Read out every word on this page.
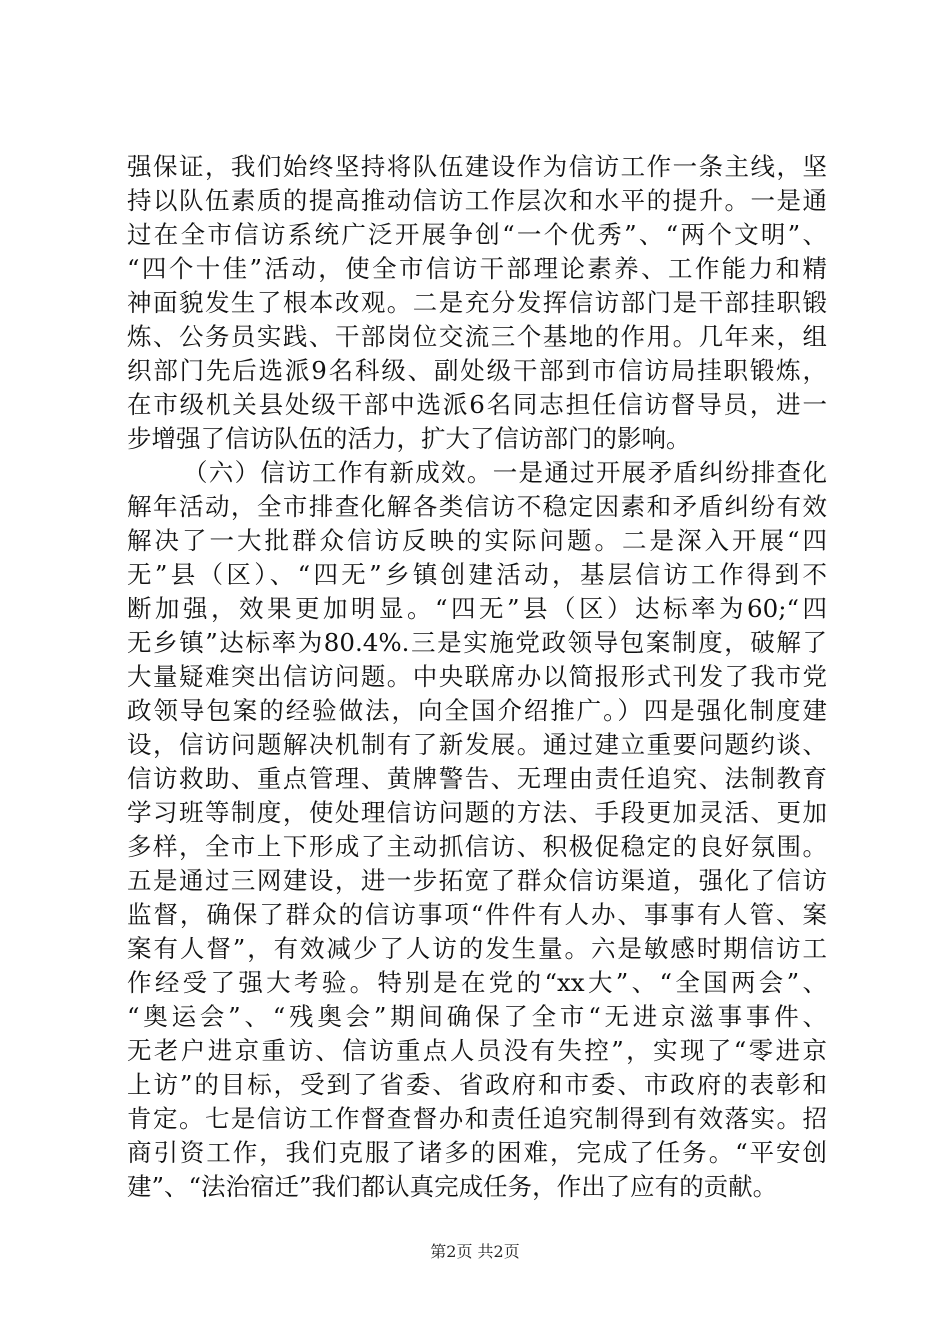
强保证，我们始终坚持将队伍建设作为信访工作一条主线，坚
持以队伍素质的提高推动信访工作层次和水平的提升。一是通
过在全市信访系统广泛开展争创“一个优秀”、“两个文明”、
“四个十佳”活动，使全市信访干部理论素养、工作能力和精
神面貌发生了根本改观。二是充分发挥信访部门是干部挂职锻
炼、公务员实践、干部岗位交流三个基地的作用。几年来，组
织部门先后选派9名科级、副处级干部到市信访局挂职锻炼，
在市级机关县处级干部中选派6名同志担任信访督导员，进一
步增强了信访队伍的活力，扩大了信访部门的影响。
（六）信访工作有新成效。一是通过开展矛盾纠纷排查化
解年活动，全市排查化解各类信访不稳定因素和矛盾纠纷有效
解决了一大批群众信访反映的实际问题。二是深入开展“四
无”县（区）、“四无”乡镇创建活动，基层信访工作得到不
断加强，效果更加明显。“四无”县（区）达标率为60;“四
无乡镇”达标率为80.4%.三是实施党政领导包案制度，破解了
大量疑难突出信访问题。中央联席办以简报形式刊发了我市党
政领导包案的经验做法，向全国介绍推广。）四是强化制度建
设，信访问题解决机制有了新发展。通过建立重要问题约谈、
信访救助、重点管理、黄牌警告、无理由责任追究、法制教育
学习班等制度，使处理信访问题的方法、手段更加灵活、更加
多样，全市上下形成了主动抓信访、积极促稳定的良好氛围。
五是通过三网建设，进一步拓宽了群众信访渠道，强化了信访
监督，确保了群众的信访事项“件件有人办、事事有人管、案
案有人督”，有效减少了人访的发生量。六是敏感时期信访工
作经受了强大考验。特别是在党的“xx大”、“全国两会”、
“奥运会”、“残奥会”期间确保了全市“无进京滋事事件、
无老户进京重访、信访重点人员没有失控”，实现了“零进京
上访”的目标，受到了省委、省政府和市委、市政府的表彰和
肯定。七是信访工作督查督办和责任追究制得到有效落实。招
商引资工作，我们克服了诸多的困难，完成了任务。“平安创
建”、“法治宿迁”我们都认真完成任务，作出了应有的贡献。
第2页 共2页
